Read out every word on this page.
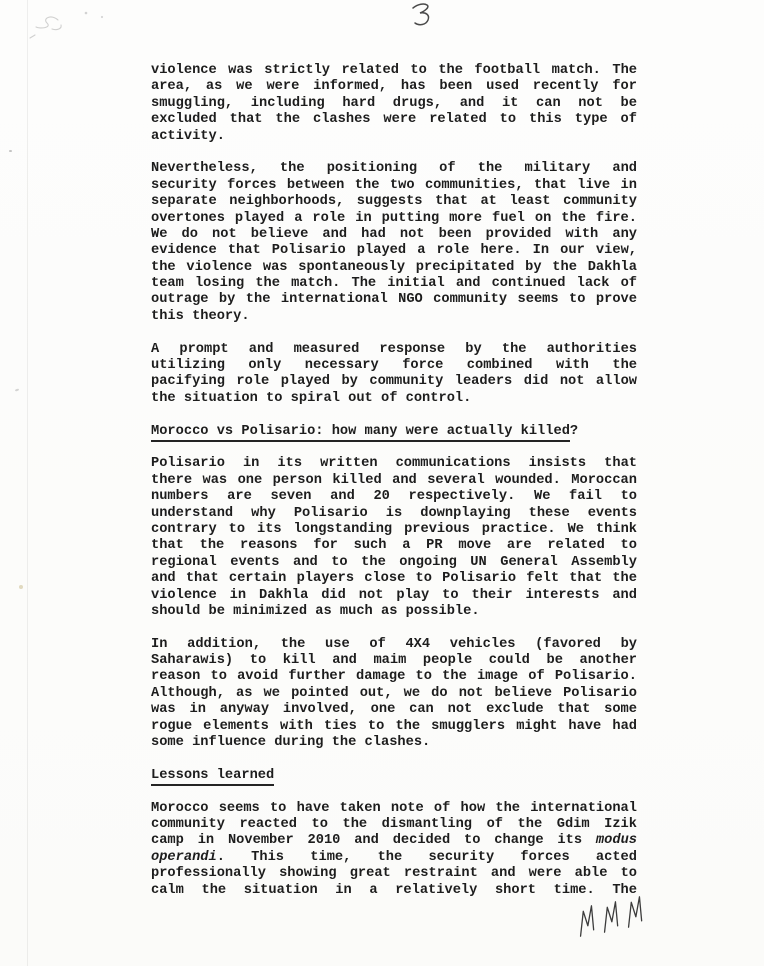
violence was strictly related to the football match. The
area, as we were informed, has been used recently for
smuggling, including hard drugs, and it can not be
excluded that the clashes were related to this type of
activity.
Nevertheless, the positioning of the military and
security forces between the two communities, that live in
separate neighborhoods, suggests that at least community
overtones played a role in putting more fuel on the fire.
We do not believe and had not been provided with any
evidence that Polisario played a role here. In our view,
the violence was spontaneously precipitated by the Dakhla
team losing the match. The initial and continued lack of
outrage by the international NGO community seems to prove
this theory.
A prompt and measured response by the authorities
utilizing only necessary force combined with the
pacifying role played by community leaders did not allow
the situation to spiral out of control.
Morocco vs Polisario: how many were actually killed?
Polisario in its written communications insists that
there was one person killed and several wounded. Moroccan
numbers are seven and 20 respectively. We fail to
understand why Polisario is downplaying these events
contrary to its longstanding previous practice. We think
that the reasons for such a PR move are related to
regional events and to the ongoing UN General Assembly
and that certain players close to Polisario felt that the
violence in Dakhla did not play to their interests and
should be minimized as much as possible.
In addition, the use of 4X4 vehicles (favored by
Saharawis) to kill and maim people could be another
reason to avoid further damage to the image of Polisario.
Although, as we pointed out, we do not believe Polisario
was in anyway involved, one can not exclude that some
rogue elements with ties to the smugglers might have had
some influence during the clashes.
Lessons learned
Morocco seems to have taken note of how the international
community reacted to the dismantling of the Gdim Izik
camp in November 2010 and decided to change its modus
operandi. This time, the security forces acted
professionally showing great restraint and were able to
calm the situation in a relatively short time. The
